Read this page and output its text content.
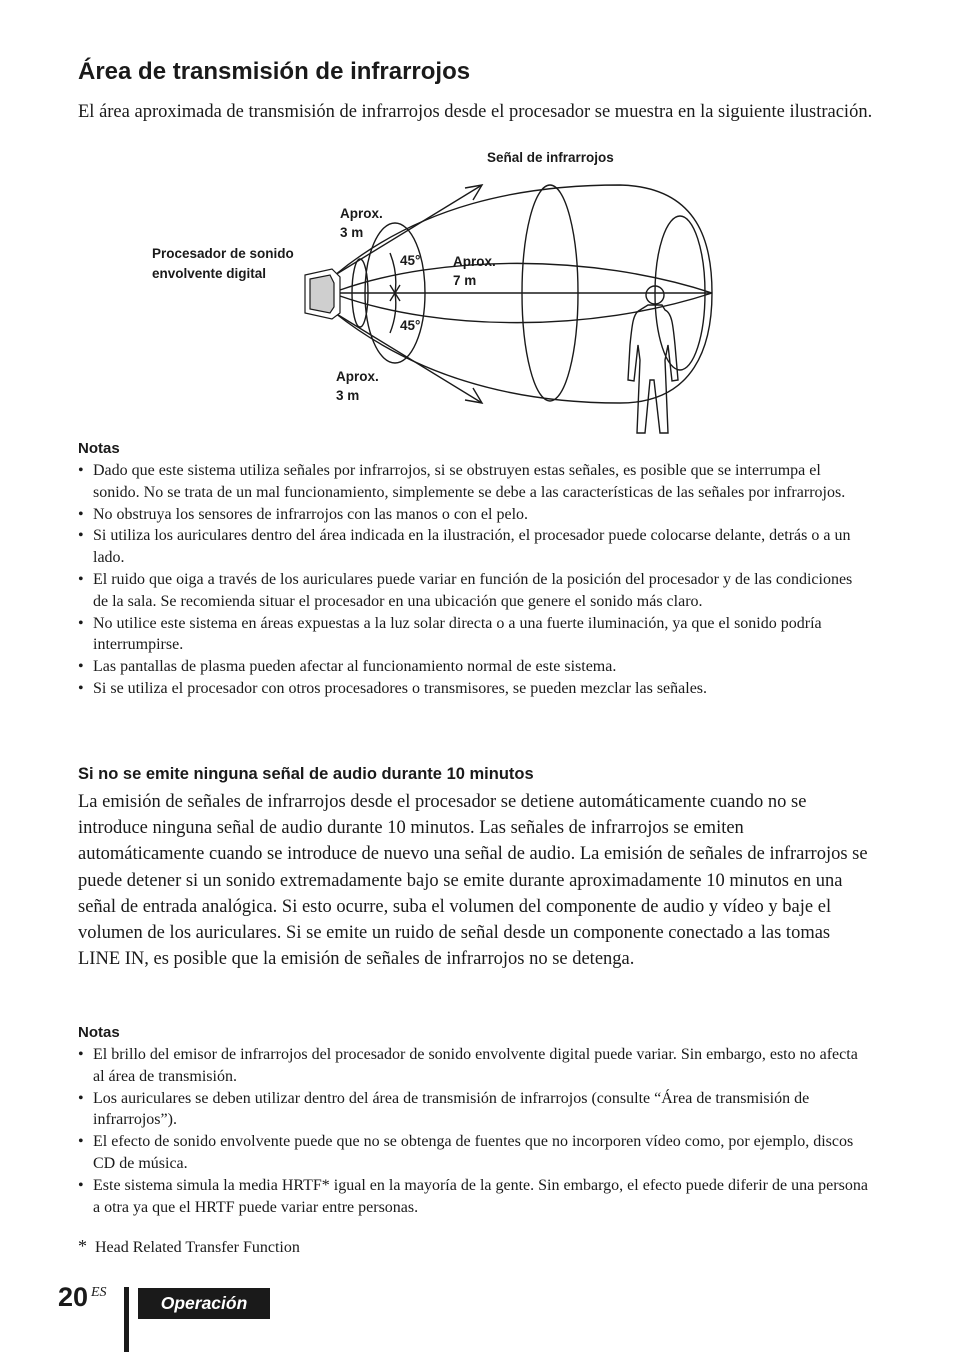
Área de transmisión de infrarrojos

El área aproximada de transmisión de infrarrojos desde el procesador se muestra en la siguiente ilustración.

Señal de infrarrojos
Procesador de sonido
envolvente digital
Aprox.
3 m
Aprox.
7 m
Aprox.
3 m
45°
45°
Notas
• Dado que este sistema utiliza señales por infrarrojos, si se obstruyen estas señales, es posible que se interrumpa el sonido. No se trata de un mal funcionamiento, simplemente se debe a las características de las señales por infrarrojos.
• No obstruya los sensores de infrarrojos con las manos o con el pelo.
• Si utiliza los auriculares dentro del área indicada en la ilustración, el procesador puede colocarse delante, detrás o a un lado.
• El ruido que oiga a través de los auriculares puede variar en función de la posición del procesador y de las condiciones de la sala. Se recomienda situar el procesador en una ubicación que genere el sonido más claro.
• No utilice este sistema en áreas expuestas a la luz solar directa o a una fuerte iluminación, ya que el sonido podría interrumpirse.
• Las pantallas de plasma pueden afectar al funcionamiento normal de este sistema.
• Si se utiliza el procesador con otros procesadores o transmisores, se pueden mezclar las señales.
Si no se emite ninguna señal de audio durante 10 minutos

La emisión de señales de infrarrojos desde el procesador se detiene automáticamente cuando no se introduce ninguna señal de audio durante 10 minutos. Las señales de infrarrojos se emiten automáticamente cuando se introduce de nuevo una señal de audio. La emisión de señales de infrarrojos se puede detener si un sonido extremadamente bajo se emite durante aproximadamente 10 minutos en una señal de entrada analógica. Si esto ocurre, suba el volumen del componente de audio y vídeo y baje el volumen de los auriculares. Si se emite un ruido de señal desde un componente conectado a las tomas LINE IN, es posible que la emisión de señales de infrarrojos no se detenga.

Notas
• El brillo del emisor de infrarrojos del procesador de sonido envolvente digital puede variar. Sin embargo, esto no afecta al área de transmisión.
• Los auriculares se deben utilizar dentro del área de transmisión de infrarrojos (consulte “Área de transmisión de infrarrojos”).
• El efecto de sonido envolvente puede que no se obtenga de fuentes que no incorporen vídeo como, por ejemplo, discos CD de música.
• Este sistema simula la media HRTF* igual en la mayoría de la gente. Sin embargo, el efecto puede diferir de una persona a otra ya que el HRTF puede variar entre personas.
* Head Related Transfer Function
20 ES
Operación
